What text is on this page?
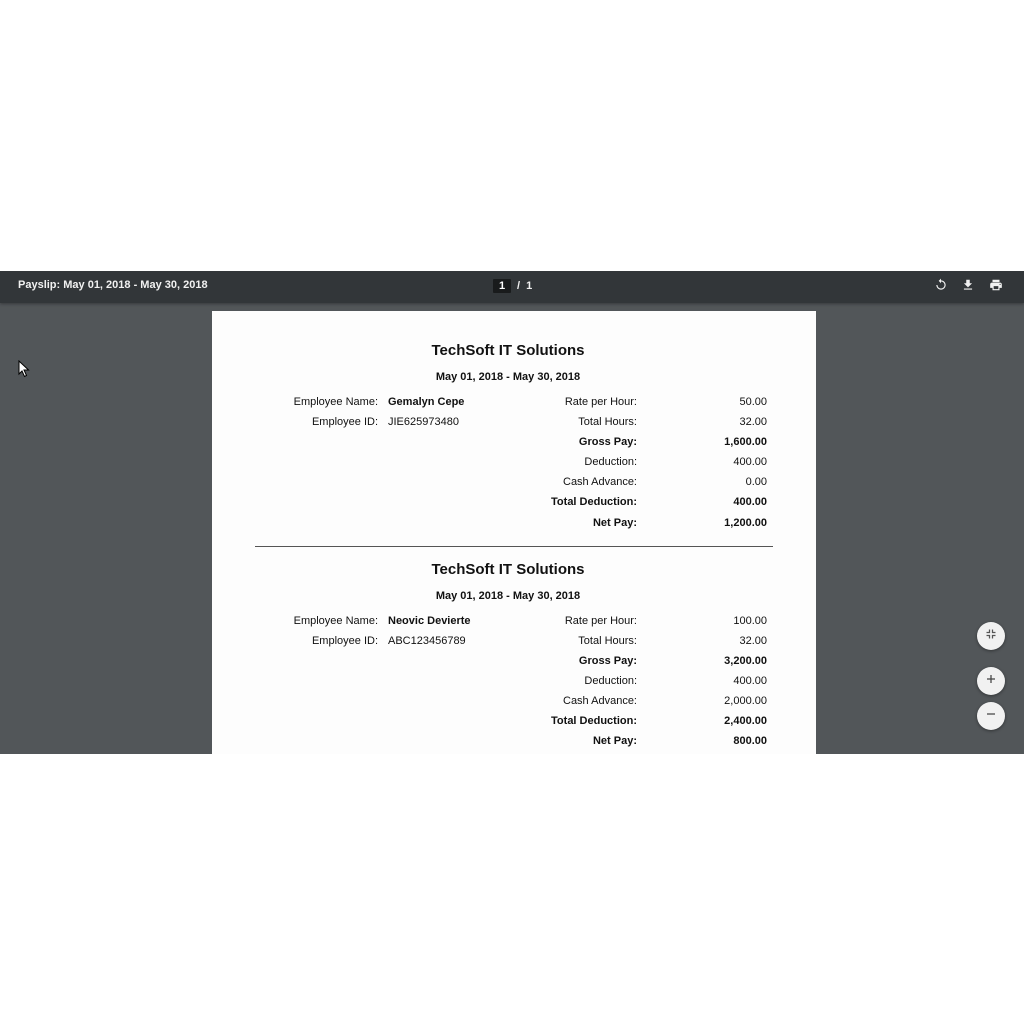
Payslip: May 01, 2018 - May 30, 2018	1	/ 1
TechSoft IT Solutions
May 01, 2018 - May 30, 2018
Employee Name: Gemalyn Cepe
Employee ID: JIE625973480
Rate per Hour:	50.00
Total Hours:	32.00
Gross Pay:	1,600.00
Deduction:	400.00
Cash Advance:	0.00
Total Deduction:	400.00
Net Pay:	1,200.00
TechSoft IT Solutions
May 01, 2018 - May 30, 2018
Employee Name: Neovic Devierte
Employee ID: ABC123456789
Rate per Hour:	100.00
Total Hours:	32.00
Gross Pay:	3,200.00
Deduction:	400.00
Cash Advance:	2,000.00
Total Deduction:	2,400.00
Net Pay:	800.00
